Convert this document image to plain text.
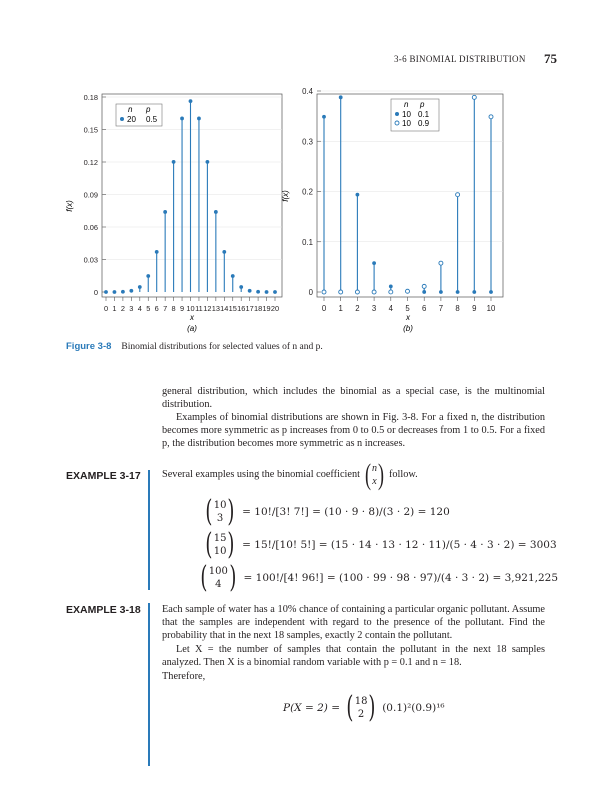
3-6 BINOMIAL DISTRIBUTION 75
n p
20 0.5
f(x)
x
(a)
0
0.03
0.06
0.09
0.12
0.15
0.18
0 1 2 3 4 5 6 7 8 9 10 11 12 13 14 15 16 17 18 19 20
n p
10 0.1
10 0.9
f(x)
x
(b)
0
0.1
0.2
0.3
0.4
0 1 2 3 4 5 6 7 8 9 10
Figure 3-8 Binomial distributions for selected values of n and p.
general distribution, which includes the binomial as a special case, is the multinomial distribution.
Examples of binomial distributions are shown in Fig. 3-8. For a fixed n, the distribution becomes more symmetric as p increases from 0 to 0.5 or decreases from 1 to 0.5. For a fixed p, the distribution becomes more symmetric as n increases.
EXAMPLE 3-17 Several examples using the binomial coefficient ( n
x ) follow.
( 10
3 ) = 10!/[3! 7!] = (10 · 9 · 8)/(3 · 2) = 120
( 15
10 ) = 15!/[10! 5!] = (15 · 14 · 13 · 12 · 11)/(5 · 4 · 3 · 2) = 3003
( 100
4 ) = 100!/[4! 96!] = (100 · 99 · 98 · 97)/(4 · 3 · 2) = 3,921,225
EXAMPLE 3-18 Each sample of water has a 10% chance of containing a particular organic pollutant. Assume that the samples are independent with regard to the presence of the pollutant. Find the probability that in the next 18 samples, exactly 2 contain the pollutant.
Let X = the number of samples that contain the pollutant in the next 18 samples analyzed. Then X is a binomial random variable with p = 0.1 and n = 18.
Therefore,
P(X = 2) = ( 18
2 ) (0.1)²(0.9)¹⁶
